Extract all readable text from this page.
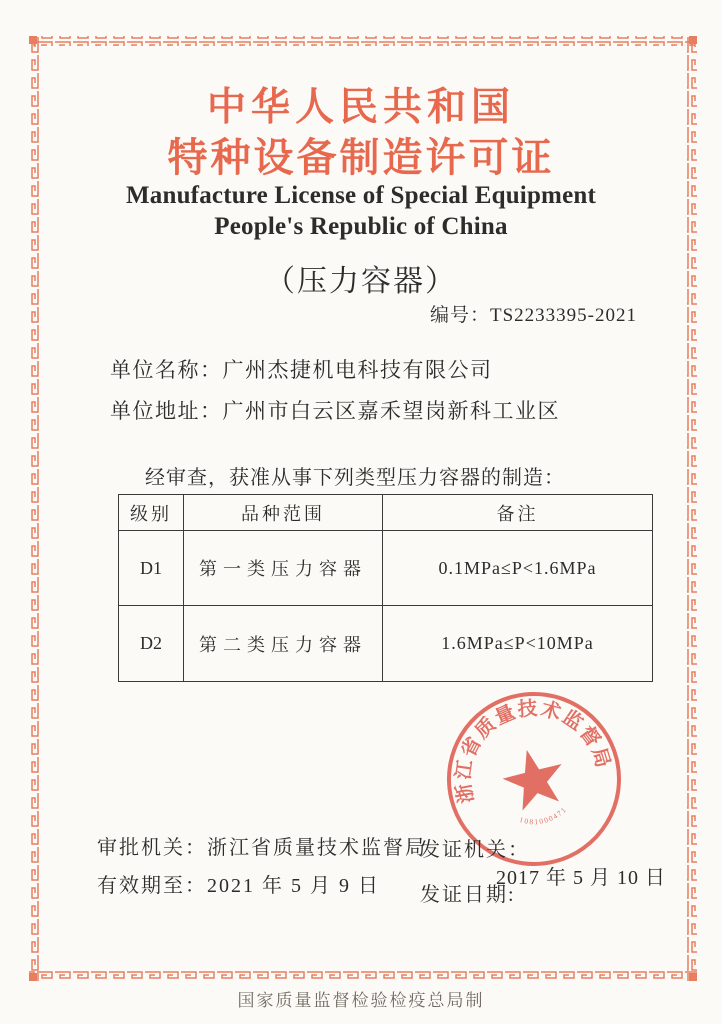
中华人民共和国
特种设备制造许可证
Manufacture License of Special Equipment
People's Republic of China
（压力容器）
编号：TS2233395-2021
单位名称：广州杰捷机电科技有限公司
单位地址：广州市白云区嘉禾望岗新科工业区
经审查，获准从事下列类型压力容器的制造：
级别	品种范围	备注
D1	第一类压力容器	0.1MPa≤P<1.6MPa
D2	第二类压力容器	1.6MPa≤P<10MPa
浙江省质量技术监督局
1081000471
审批机关：浙江省质量技术监督局
有效期至：2021 年 5 月 9 日
发证机关：
发证日期:
2017 年 5 月 10 日
国家质量监督检验检疫总局制
